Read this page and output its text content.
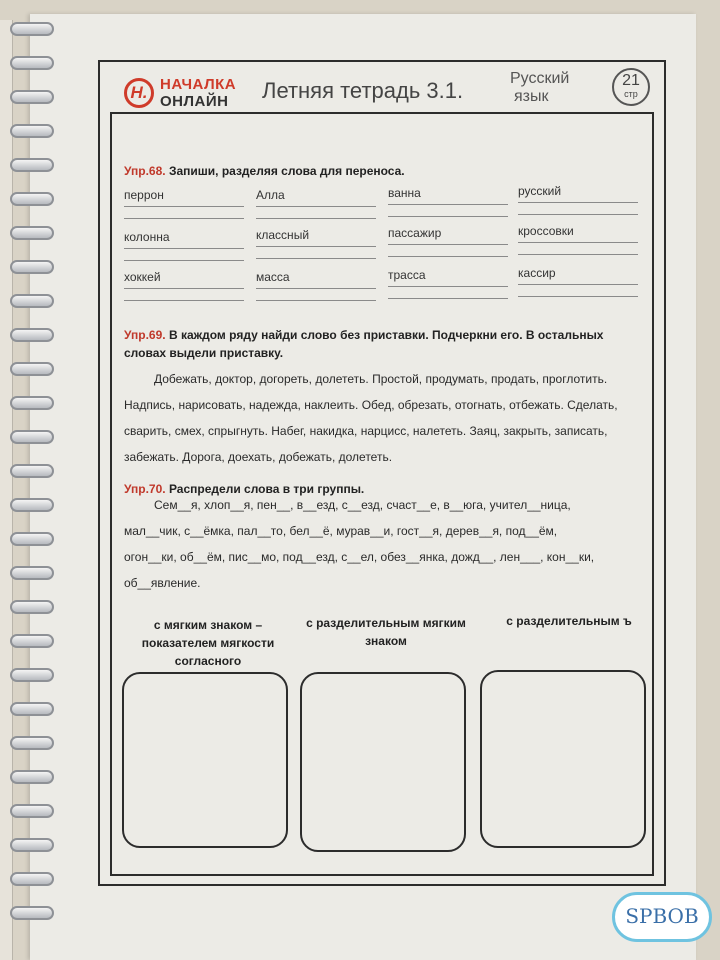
Н. НАЧАЛКА
ОНЛАЙН Летняя тетрадь 3.1.	Русский
язык
21
стр
Упр.68. Запиши, разделяя слова для переноса.
перрон	Алла	ванна	русский
колонна	классный	пассажир	кроссовки
хоккей	масса	трасса	кассир
Упр.69. В каждом ряду найди слово без приставки. Подчеркни его. В остальных
словах выдели приставку.
Добежать, доктор, догореть, долететь. Простой, продумать, продать, проглотить.
Надпись, нарисовать, надежда, наклеить. Обед, обрезать, отогнать, отбежать. Сделать,
сварить, смех, спрыгнуть. Набег, накидка, нарцисс, налететь. Заяц, закрыть, записать,
забежать. Дорога, доехать, добежать, долететь.
Упр.70. Распредели слова в три группы.
Сем__я, хлоп__я, пен__, в__езд, с__езд, счаст__е, в__юга, учител__ница,
мал__чик, с__ёмка, пал__то, бел__ё, мурав__и, гост__я, дерев__я, под__ём,
огон__ки, об__ём, пис__мо, под__езд, с__ел, обез__янка, дожд__, лен___, кон__ки,
об__явление.
с мягким знаком –
показателем мягкости
согласного
с разделительным мягким
знаком
с разделительным ъ
SPBOB
